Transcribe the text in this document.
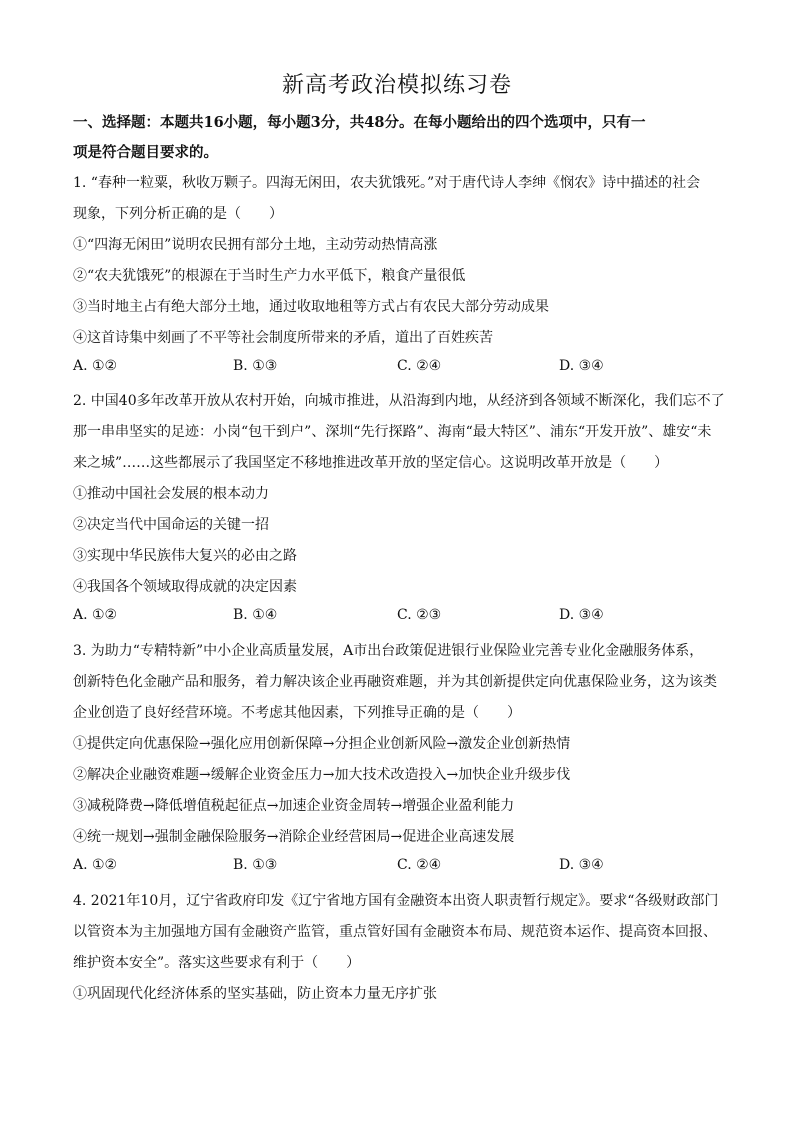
新高考政治模拟练习卷
一、选择题：本题共16小题，每小题3分，共48分。在每小题给出的四个选项中，只有一
项是符合题目要求的。
1. “春种一粒粟，秋收万颗子。四海无闲田，农夫犹饿死。”对于唐代诗人李绅《悯农》诗中描述的社会
现象，下列分析正确的是（　　）
①“四海无闲田”说明农民拥有部分土地，主动劳动热情高涨
②“农夫犹饿死”的根源在于当时生产力水平低下，粮食产量很低
③当时地主占有绝大部分土地，通过收取地租等方式占有农民大部分劳动成果
④这首诗集中刻画了不平等社会制度所带来的矛盾，道出了百姓疾苦
A. ①②	B. ①③	C. ②④	D. ③④
2. 中国40多年改革开放从农村开始，向城市推进，从沿海到内地，从经济到各领域不断深化，我们忘不了
那一串串坚实的足迹：小岗“包干到户”、深圳“先行探路”、海南“最大特区”、浦东“开发开放”、雄安“未
来之城”……这些都展示了我国坚定不移地推进改革开放的坚定信心。这说明改革开放是（　　）
①推动中国社会发展的根本动力
②决定当代中国命运的关键一招
③实现中华民族伟大复兴的必由之路
④我国各个领域取得成就的决定因素
A. ①②	B. ①④	C. ②③	D. ③④
3. 为助力“专精特新”中小企业高质量发展，A市出台政策促进银行业保险业完善专业化金融服务体系，
创新特色化金融产品和服务，着力解决该企业再融资难题，并为其创新提供定向优惠保险业务，这为该类
企业创造了良好经营环境。不考虑其他因素，下列推导正确的是（　　）
①提供定向优惠保险→强化应用创新保障→分担企业创新风险→激发企业创新热情
②解决企业融资难题→缓解企业资金压力→加大技术改造投入→加快企业升级步伐
③减税降费→降低增值税起征点→加速企业资金周转→增强企业盈利能力
④统一规划→强制金融保险服务→消除企业经营困局→促进企业高速发展
A. ①②	B. ①③	C. ②④	D. ③④
4. 2021年10月，辽宁省政府印发《辽宁省地方国有金融资本出资人职责暂行规定》。要求“各级财政部门
以管资本为主加强地方国有金融资产监管，重点管好国有金融资本布局、规范资本运作、提高资本回报、
维护资本安全”。落实这些要求有利于（　　）
①巩固现代化经济体系的坚实基础，防止资本力量无序扩张
